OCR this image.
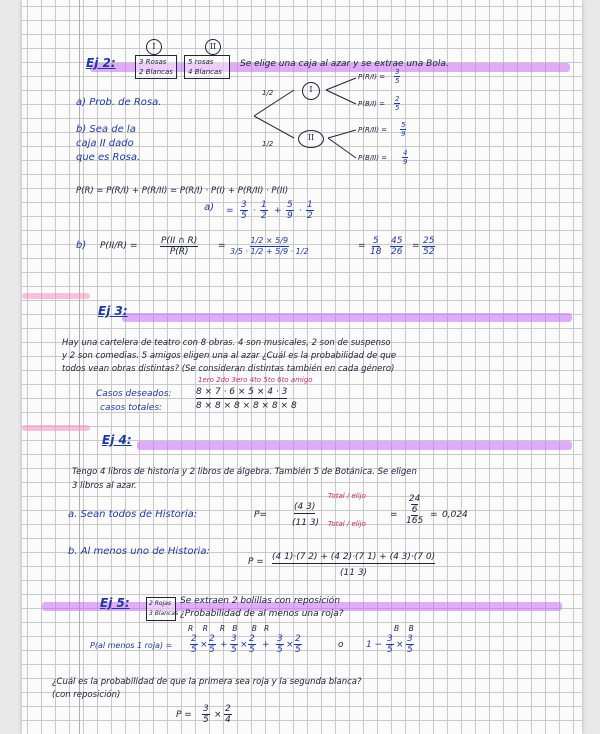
Ej 2:
I	II
3 Rosas
2 Blancas
5 rosas
4 Blancas
Se elige una caja al azar y se extrae una Bola.
a) Prob. de Rosa.
b) Sea de la
caja II dado
que es Rosa.
1/2
1/2
I
II
$P(R/I) = \frac{3}{5}$
$P(B/I) = \frac{2}{5}$
$P(R/II) = \frac{5}{9}$
$P(B/II) = \frac{4}{9}$
P(R) = P(R/I) + P(R/II) = P(R/I) · P(I) + P(R/II) · P(II)
$a) = \frac{3}{5} \cdot \frac{1}{2} + \frac{5}{9} \cdot \frac{1}{2}$
b) P(II/R) =	$\frac{P(II \cap R)}{P(R)} = \frac{1/2 \times 5/9}{3/5 \cdot 1/2 + 5/9 \cdot 1/2}$	= $\frac{5}{18} \frac{45}{26} = \frac{25}{52}$
Ej 3:
Hay una cartelera de teatro con 8 obras. 4 son musicales, 2 son de suspenso
y 2 son comedias. 5 amigos eligen una al azar ¿Cuál es la probabilidad de que
todos vean obras distintas? (Se consideran distintas también en cada género)
1ero 2do 3ero 4to 5to 6to amigo
Casos deseados:	8 × 7 · 6 × 5 × 4 · 3
casos totales:	8 × 8 × 8 × 8 × 8 × 8
Ej 4:
Tengo 4 libros de historia y 2 libros de álgebra. También 5 de Botánica. Se eligen
3 libros al azar.
a. Sean todos de Historia:	P=
(4 3)
Total / elijo
(11 3) Total / elijo
=
24
6
165
= 0,024
b. Al menos uno de Historia:
P = (4 1)·(7 2) + (4 2)·(7 1) + (4 3)·(7 0)
(11 3)
Ej 5:	2 Rojas
3 Blancas
Se extraen 2 bolillas con reposición
¿Probabilidad de al menos una roja?
R    R     R   B      B   R	B    B
P(al menos 1 roja) = $\frac{2}{5} \times \frac{2}{5} + \frac{3}{5} \times \frac{2}{5} + \frac{3}{5} \times \frac{2}{5}$	o $1 - \frac{3}{5} \times \frac{3}{5}$
¿Cuál es la probabilidad de que la primera sea roja y la segunda blanca?
(con reposición)
$P = \frac{3}{5} \times \frac{2}{4}$
